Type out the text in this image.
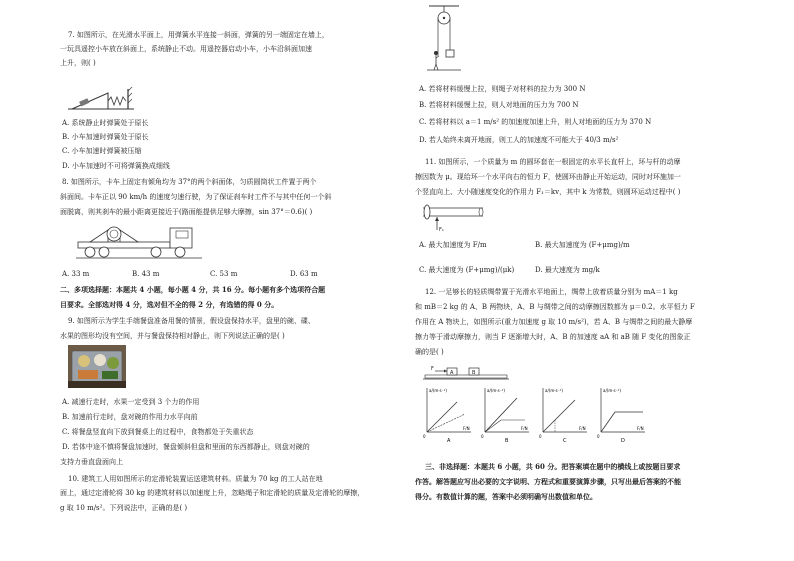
7. 如图所示，在光滑水平面上，用弹簧水平连接一斜面，弹簧的另一端固定在墙上，
一玩具遥控小车放在斜面上，系统静止不动。用遥控器启动小车，小车沿斜面加速
上升，则( )
A. 系统静止时弹簧处于原长
B. 小车加速时弹簧处于原长
C. 小车加速时弹簧被压缩
D. 小车加速时不可将弹簧换成细线
8. 如图所示，卡车上固定有倾角均为 37°的两个斜面体，匀质圆筒状工件置于两个
斜面间。卡车正以 90 km/h 的速度匀速行驶，为了保证刹车时工件不与其中任何一个斜
面脱离，则其刹车的最小距离更接近于(路面能提供足够大摩擦，sin 37°＝0.6)( )
A. 33 m	B. 43 m	C. 53 m	D. 63 m
二、多项选择题：本题共 4 小题，每小题 4 分，共 16 分。每小题有多个选项符合题
目要求。全部选对得 4 分，选对但不全的得 2 分，有选错的得 0 分。
9. 如图所示为学生手端餐盘准备用餐的情景，假设盘保持水平，盘里的碗、碟、
水果的图形均没有空间，并与餐盘保持相对静止，则下列说法正确的是( )
A. 减速行走时，水果一定受到 3 个力的作用
B. 加速前行走时，盘对碗的作用力水平向前
C. 将餐盘竖直向下放到餐桌上的过程中，食物都处于失重状态
D. 若体中途不慎将餐盘加速时，餐盘倾斜但盘和里面的东西都静止，则盘对碗的
支持力垂直盘面向上
10. 建筑工人用如图所示的定滑轮装置运送建筑材料。质量为 70 kg 的工人站在地
面上，通过定滑轮将 30 kg 的建筑材料以加速度上升，忽略绳子和定滑轮的质量及定滑轮的摩擦，
g 取 10 m/s²。下列说法中，正确的是( )
A. 若将材料缓慢上拉，则绳子对材料的拉力为 300 N
B. 若将材料缓慢上拉，则人对地面的压力为 700 N
C. 若将材料以 a＝1 m/s² 的加速度加速上升，则人对地面的压力为 370 N
D. 若人始终未离开地面，则工人的加速度不可能大于 40/3 m/s²
11. 如图所示，一个质量为 m 的圆环套在一根固定的水平长直杆上，环与杆的动摩
擦因数为 μ。现给环一个水平向右的恒力 F，使圆环由静止开始运动，同时对环施加一
个竖直向上、大小随速度变化的作用力 F₁＝kv，其中 k 为常数，则圆环运动过程中( )
F₁
A. 最大加速度为 F/m	B. 最大加速度为 (F+μmg)/m
C. 最大速度为 (F+μmg)/(μk)	D. 最大速度为 mg/k
12. 一足够长的轻质绸带置于光滑水平地面上，绸带上放着质量分别为 mA＝1 kg
和 mB＝2 kg 的 A、B 两物块，A、B 与绸带之间的动摩擦因数都为 μ＝0.2。水平恒力 F
作用在 A 物块上，如图所示(重力加速度 g 取 10 m/s²)，若 A、B 与绸带之间的最大静摩
擦力等于滑动摩擦力，则当 F 逐渐增大时，A、B 的加速度 aA 和 aB 随 F 变化的图象正
确的是( )
F
A	B
a/(m·s⁻²)
F/N
0
A
a/(m·s⁻²)
F/N
0
B
a/(m·s⁻²)
F/N
0
C
a/(m·s⁻²)
F/N
0
D
三、非选择题：本题共 6 小题，共 60 分。把答案填在题中的横线上或按题目要求
作答。解答题应写出必要的文字说明、方程式和重要演算步骤，只写出最后答案的不能
得分。有数值计算的题，答案中必须明确写出数值和单位。
